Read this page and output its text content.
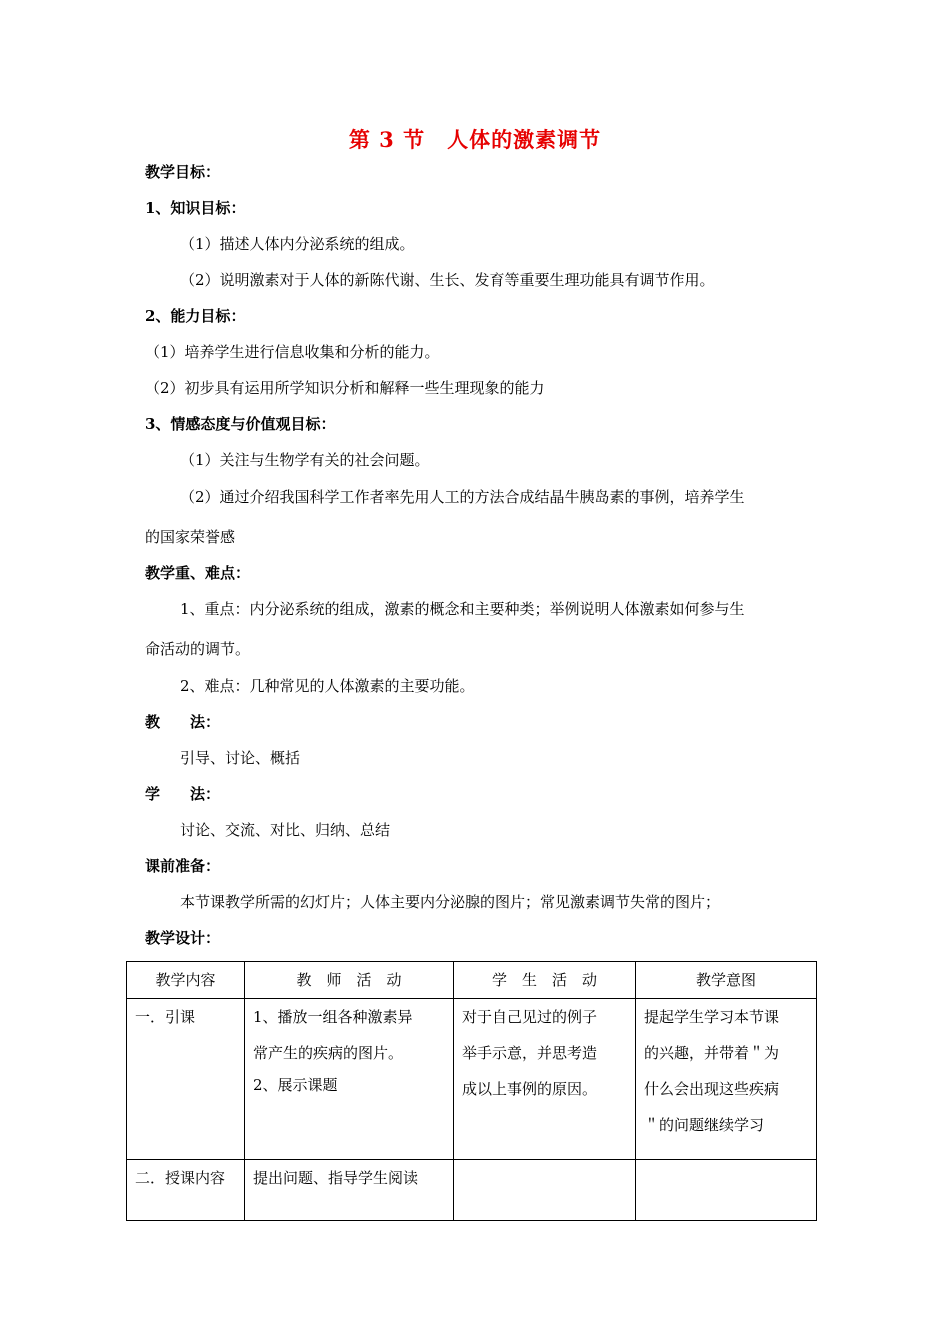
第 3 节　人体的激素调节
教学目标：
1、知识目标：
（1）描述人体内分泌系统的组成。
（2）说明激素对于人体的新陈代谢、生长、发育等重要生理功能具有调节作用。
2、能力目标：
（1）培养学生进行信息收集和分析的能力。
（2）初步具有运用所学知识分析和解释一些生理现象的能力
3、情感态度与价值观目标：
（1）关注与生物学有关的社会问题。
（2）通过介绍我国科学工作者率先用人工的方法合成结晶牛胰岛素的事例，培养学生
的国家荣誉感
教学重、难点：
1、重点：内分泌系统的组成，激素的概念和主要种类；举例说明人体激素如何参与生
命活动的调节。
2、难点：几种常见的人体激素的主要功能。
教　　法：
引导、讨论、概括
学　　法：
讨论、交流、对比、归纳、总结
课前准备：
本节课教学所需的幻灯片；人体主要内分泌腺的图片；常见激素调节失常的图片；
教学设计：
教学内容	教　师　活　动	学　生　活　动	教学意图

一．引课	1、播放一组各种激素异
常产生的疾病的图片。
2、展示课题	对于自己见过的例子
举手示意，并思考造
成以上事例的原因。	提起学生学习本节课
的兴趣，并带着＂为
什么会出现这些疾病
＂的问题继续学习

二．授课内容	提出问题、指导学生阅读		
